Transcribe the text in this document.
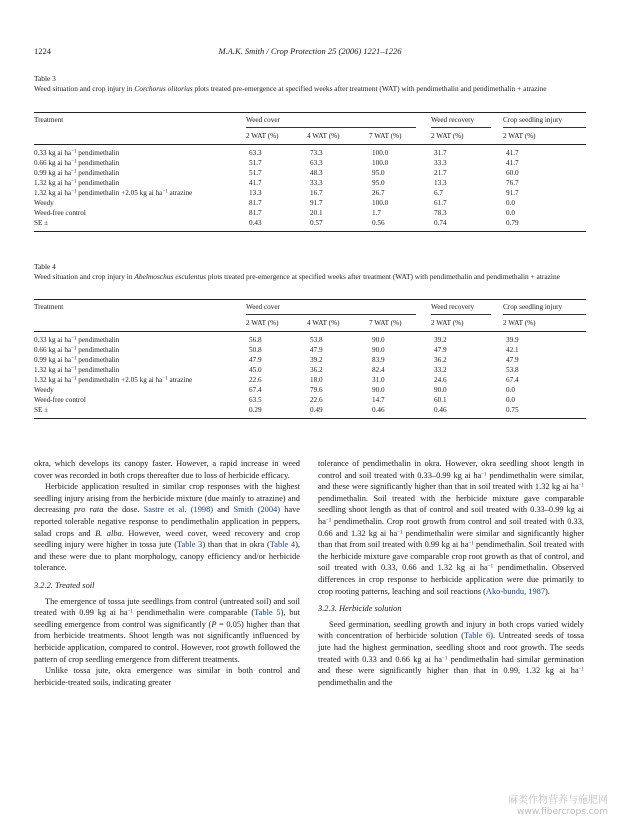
1224	M.A.K. Smith / Crop Protection 25 (2006) 1221–1226
Table 3
Weed situation and crop injury in Corchorus olitorius plots treated pre-emergence at specified weeks after treatment (WAT) with pendimethalin and pendimethalin + atrazine
Treatment	Weed cover	Weed recovery	Crop seedling injury
2 WAT (%)	4 WAT (%)	7 WAT (%)	2 WAT (%)	2 WAT (%)
0.33 kg ai $ha^{-1}$ pendimethalin	63.3	73.3	100.0	31.7	41.7
0.66 kg ai $ha^{-1}$ pendimethalin	51.7	63.3	100.0	33.3	41.7
0.99 kg ai $ha^{-1}$ pendimethalin	51.7	48.3	95.0	21.7	60.0
1.32 kg ai $ha^{-1}$ pendimethalin	41.7	33.3	95.0	13.3	76.7
1.32 kg ai $ha^{-1}$ pendimethalin +2.05 kg ai $ha^{-1}$ atrazine	13.3	16.7	26.7	6.7	91.7
Weedy	81.7	91.7	100.0	61.7	0.0
Weed-free control	81.7	20.1	1.7	78.3	0.0
SE ±	0.43	0.57	0.56	0.74	0.79
Table 4
Weed situation and crop injury in Abelmoschus esculentus plots treated pre-emergence at specified weeks after treatment (WAT) with pendimethalin and pendimethalin + atrazine
Treatment	Weed cover	Weed recovery	Crop seedling injury
2 WAT (%)	4 WAT (%)	7 WAT (%)	2 WAT (%)	2 WAT (%)
0.33 kg ai $ha^{-1}$ pendimethalin	56.8	53.8	90.0	39.2	39.9
0.66 kg ai $ha^{-1}$ pendimethalin	50.8	47.9	90.0	47.9	42.1
0.99 kg ai $ha^{-1}$ pendimethalin	47.9	39.2	83.9	36.2	47.9
1.32 kg ai $ha^{-1}$ pendimethalin	45.0	36.2	82.4	33.2	53.8
1.32 kg ai $ha^{-1}$ pendimethalin +2.05 kg ai $ha^{-1}$ atrazine	22.6	18.0	31.0	24.6	67.4
Weedy	67.4	79.6	90.0	90.0	0.0
Weed-free control	63.5	22.6	14.7	60.1	0.0
SE ±	0.29	0.49	0.46	0.46	0.75

okra, which develops its canopy faster. However, a rapid increase in weed cover was recorded in both crops thereafter due to loss of herbicide efficacy.

Herbicide application resulted in similar crop responses with the highest seedling injury arising from the herbicide mixture (due mainly to atrazine) and decreasing pro rata the dose. Sastre et al. (1998) and Smith (2004) have reported tolerable negative response to pendimethalin application in peppers, salad crops and B. alba. However, weed cover, weed recovery and crop seedling injury were higher in tossa jute (Table 3) than that in okra (Table 4), and these were due to plant morphology, canopy efficiency and/or herbicide tolerance.

3.2.2. Treated soil

The emergence of tossa jute seedlings from control (untreated soil) and soil treated with 0.99 kg ai $ha^{-1}$ pendimethalin were comparable (Table 5), but seedling emergence from control was significantly (P = 0.05) higher than that from herbicide treatments. Shoot length was not significantly influenced by herbicide application, compared to control. However, root growth followed the pattern of crop seedling emergence from different treatments.

Unlike tossa jute, okra emergence was similar in both control and herbicide-treated soils, indicating greater

tolerance of pendimethalin in okra. However, okra seedling shoot length in control and soil treated with 0.33–0.99 kg ai $ha^{-1}$ pendimethalin were similar, and these were significantly higher than that in soil treated with 1.32 kg ai $ha^{-1}$ pendimethalin. Soil treated with the herbicide mixture gave comparable seedling shoot length as that of control and soil treated with 0.33–0.99 kg ai $ha^{-1}$ pendimethalin. Crop root growth from control and soil treated with 0.33, 0.66 and 1.32 kg ai $ha^{-1}$ pendimethalin were similar and significantly higher than that from soil treated with 0.99 kg ai $ha^{-1}$ pendimethalin. Soil treated with the herbicide mixture gave comparable crop root growth as that of control, and soil treated with 0.33, 0.66 and 1.32 kg ai $ha^{-1}$ pendimethalin. Observed differences in crop response to herbicide application were due primarily to crop rooting patterns, leaching and soil reactions (Ako-bundu, 1987).

3.2.3. Herbicide solution

Seed germination, seedling growth and injury in both crops varied widely with concentration of herbicide solution (Table 6). Untreated seeds of tossa jute had the highest germination, seedling shoot and root growth. The seeds treated with 0.33 and 0.66 kg ai $ha^{-1}$ pendimethalin had similar germination and these were significantly higher than that in 0.99, 1.32 kg ai $ha^{-1}$ pendimethalin and the

麻类作物营养与施肥网
www.fibercrops.com
